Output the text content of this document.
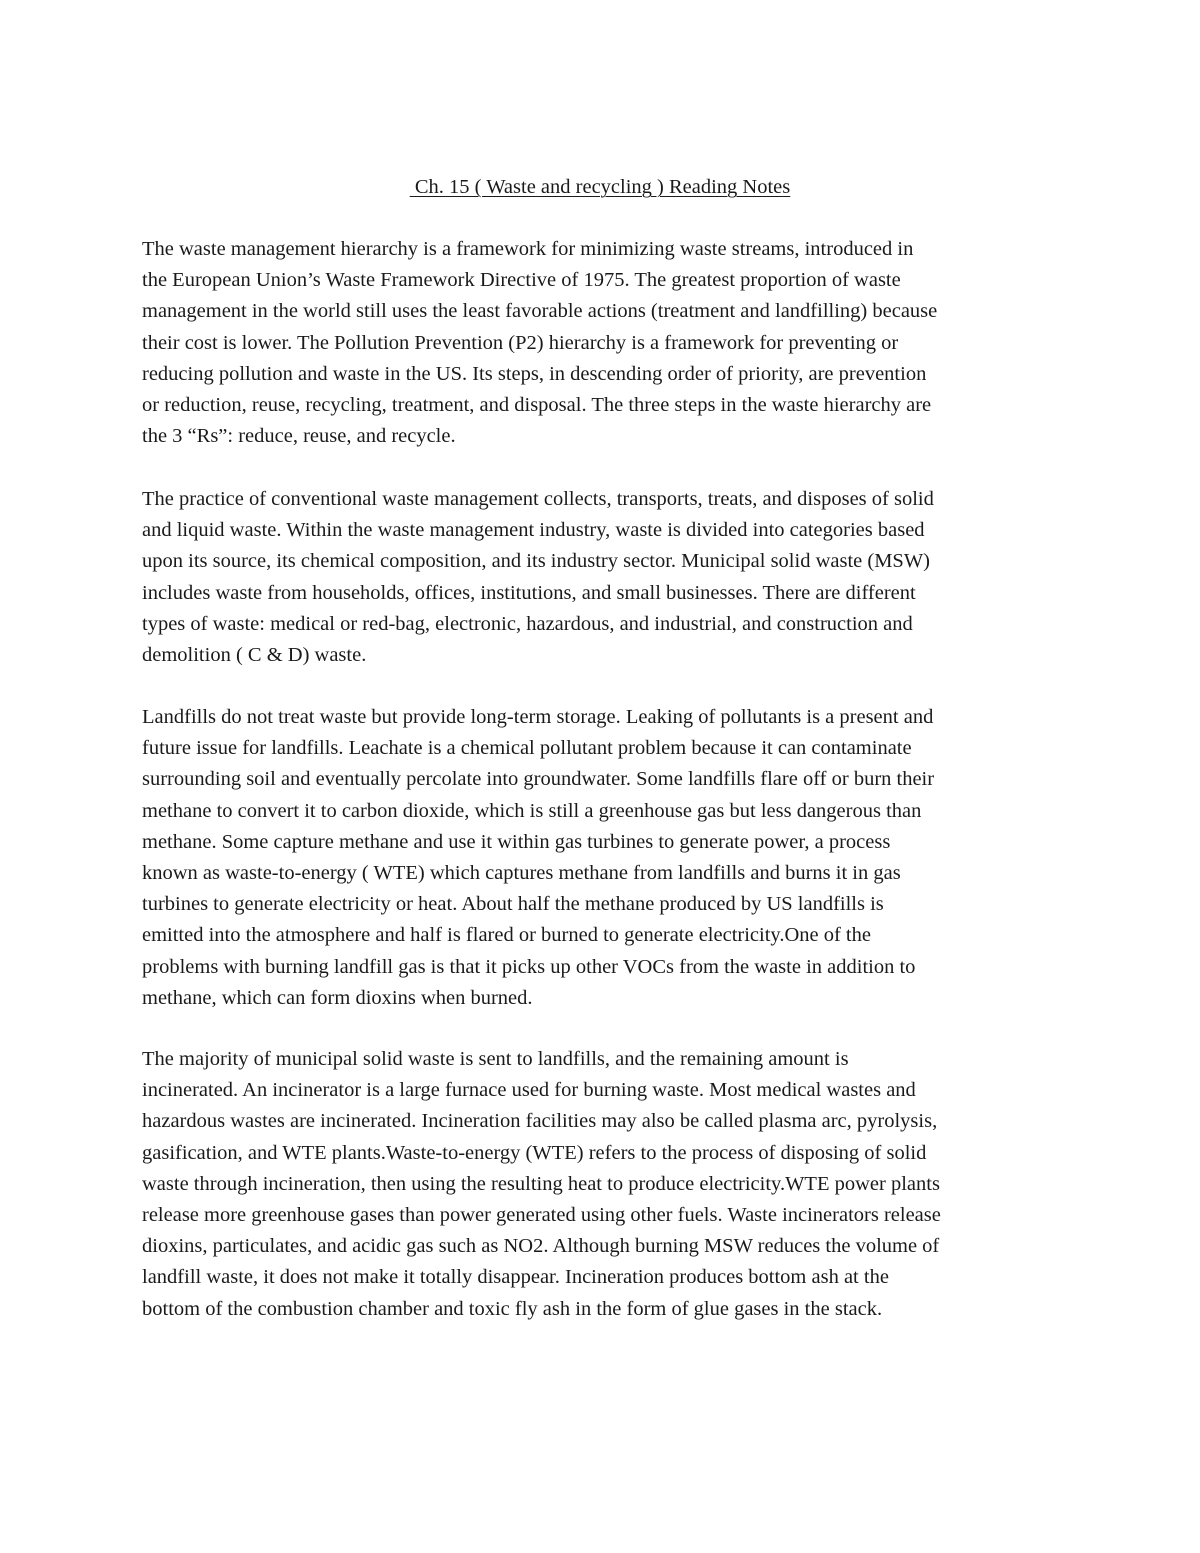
Ch. 15 ( Waste and recycling ) Reading Notes
The waste management hierarchy is a framework for minimizing waste streams, introduced in
the European Union’s Waste Framework Directive of 1975. The greatest proportion of waste
management in the world still uses the least favorable actions (treatment and landfilling) because
their cost is lower. The Pollution Prevention (P2) hierarchy is a framework for preventing or
reducing pollution and waste in the US. Its steps, in descending order of priority, are prevention
or reduction, reuse, recycling, treatment, and disposal. The three steps in the waste hierarchy are
the 3 “Rs”: reduce, reuse, and recycle.
The practice of conventional waste management collects, transports, treats, and disposes of solid
and liquid waste. Within the waste management industry, waste is divided into categories based
upon its source, its chemical composition, and its industry sector. Municipal solid waste (MSW)
includes waste from households, offices, institutions, and small businesses. There are different
types of waste: medical or red-bag, electronic, hazardous, and industrial, and construction and
demolition ( C & D) waste.
Landfills do not treat waste but provide long-term storage. Leaking of pollutants is a present and
future issue for landfills. Leachate is a chemical pollutant problem because it can contaminate
surrounding soil and eventually percolate into groundwater. Some landfills flare off or burn their
methane to convert it to carbon dioxide, which is still a greenhouse gas but less dangerous than
methane. Some capture methane and use it within gas turbines to generate power, a process
known as waste-to-energy ( WTE) which captures methane from landfills and burns it in gas
turbines to generate electricity or heat. About half the methane produced by US landfills is
emitted into the atmosphere and half is flared or burned to generate electricity.One of the
problems with burning landfill gas is that it picks up other VOCs from the waste in addition to
methane, which can form dioxins when burned.
The majority of municipal solid waste is sent to landfills, and the remaining amount is
incinerated. An incinerator is a large furnace used for burning waste. Most medical wastes and
hazardous wastes are incinerated. Incineration facilities may also be called plasma arc, pyrolysis,
gasification, and WTE plants.Waste-to-energy (WTE) refers to the process of disposing of solid
waste through incineration, then using the resulting heat to produce electricity.WTE power plants
release more greenhouse gases than power generated using other fuels. Waste incinerators release
dioxins, particulates, and acidic gas such as NO2. Although burning MSW reduces the volume of
landfill waste, it does not make it totally disappear. Incineration produces bottom ash at the
bottom of the combustion chamber and toxic fly ash in the form of glue gases in the stack.
